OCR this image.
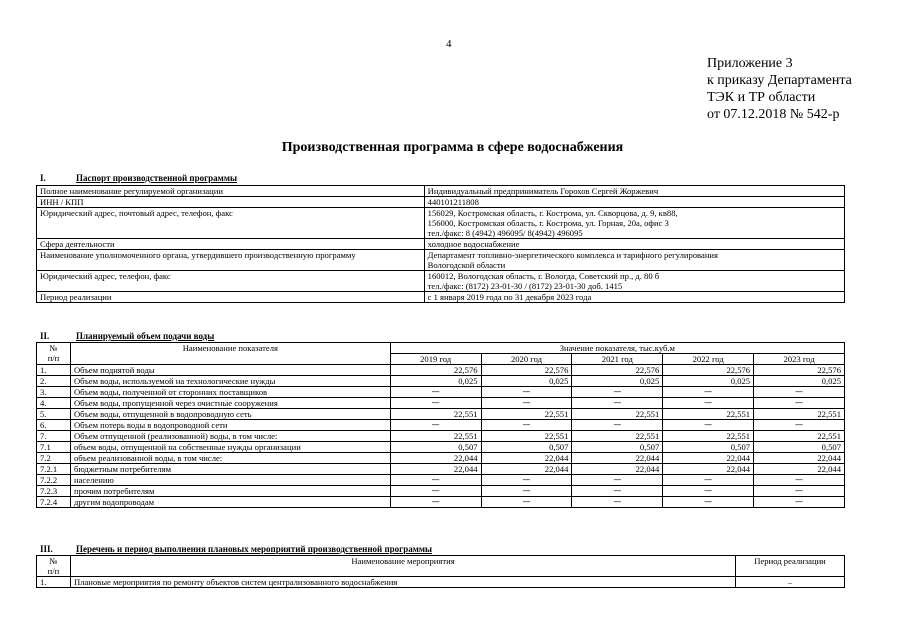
4
Приложение 3
к приказу Департамента
ТЭК и ТР области
от 07.12.2018 № 542-р
Производственная программа в сфере водоснабжения
I.	Паспорт производственной программы
Полное наименование регулируемой организации	Индивидуальный предприниматель Горохов Сергей Жоржевич

ИНН / КПП	440101211808

Юридический адрес, почтовый адрес, телефон, факс	156029, Костромская область, г. Кострома, ул. Скворцова, д. 9, кв88,
156000, Костромская область, г. Кострома, ул. Горная, 20а, офис 3
тел./факс: 8 (4942) 496095/ 8(4942) 496095

Сфера деятельности	холодное водоснабжение

Наименование уполномоченного органа, утвердившего производственную программу	Департамент топливно-энергетического комплекса и тарифного регулирования
Вологодской области

Юридический адрес, телефон, факс	160012, Вологодская область, г. Вологда, Советский пр., д. 80 б
тел./факс: (8172) 23-01-30 / (8172) 23-01-30 доб. 1415

Период реализации	с 1 января 2019 года по 31 декабря 2023 года
II.	Планируемый объем подачи воды
№
п/п	Наименование показателя	Значение показателя, тыс.куб.м				
		2019 год	2020 год	2021 год	2022 год	2023 год
1.	Объем поднятой воды	22,576	22,576	22,576	22,576	22,576
2.	Объем воды, используемой на технологические нужды	0,025	0,025	0,025	0,025	0,025
3.	Объем воды, полученной от сторонних поставщиков	—	—	—	—	—
4.	Объем воды, пропущенной через очистные сооружения	—	—	—	—	—
5.	Объем воды, отпущенной в водопроводную сеть	22,551	22,551	22,551	22,551	22,551
6.	Объем потерь воды в водопроводной сети	—	—	—	—	—
7.	Объем отпущенной (реализованной) воды, в том числе:	22,551	22,551	22,551	22,551	22,551
7.1	объем воды, отпущенной на собственные нужды организации	0,507	0,507	0,507	0,507	0,507
7.2	объем реализованной воды, в том числе:	22,044	22,044	22,044	22,044	22,044
7.2.1	бюджетным потребителям	22,044	22,044	22,044	22,044	22,044
7.2.2	населению	—	—	—	—	—
7.2.3	прочим потребителям	—	—	—	—	—
7.2.4	другим водопроводам	—	—	—	—	—
III.	Перечень и период выполнения плановых мероприятий производственной программы
№
п/п	Наименование мероприятия	Период реализации
1.	Плановые мероприятия по ремонту объектов систем централизованного водоснабжения	–
